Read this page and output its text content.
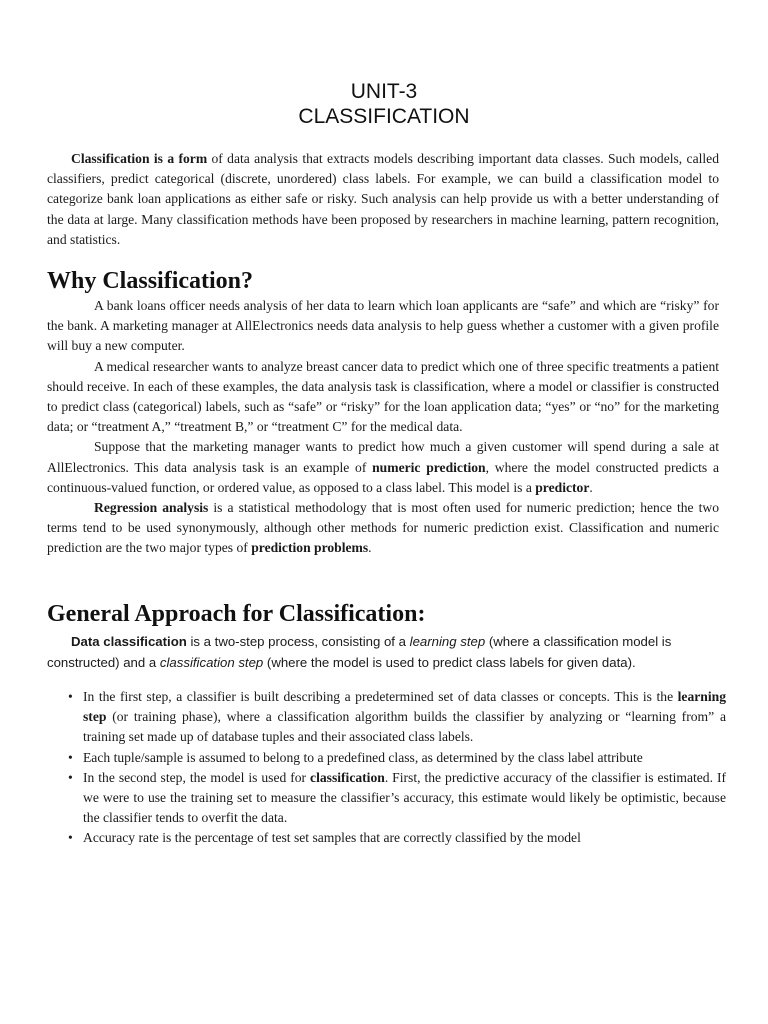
UNIT-3
CLASSIFICATION

Classification is a form of data analysis that extracts models describing important data classes. Such models, called classifiers, predict categorical (discrete, unordered) class labels. For example, we can build a classification model to categorize bank loan applications as either safe or risky. Such analysis can help provide us with a better understanding of the data at large. Many classification methods have been proposed by researchers in machine learning, pattern recognition, and statistics.

Why Classification?

A bank loans officer needs analysis of her data to learn which loan applicants are “safe” and which are “risky” for the bank. A marketing manager at AllElectronics needs data analysis to help guess whether a customer with a given profile will buy a new computer.

A medical researcher wants to analyze breast cancer data to predict which one of three specific treatments a patient should receive. In each of these examples, the data analysis task is classification, where a model or classifier is constructed to predict class (categorical) labels, such as “safe” or “risky” for the loan application data; “yes” or “no” for the marketing data; or “treatment A,” “treatment B,” or “treatment C” for the medical data.

Suppose that the marketing manager wants to predict how much a given customer will spend during a sale at AllElectronics. This data analysis task is an example of numeric prediction, where the model constructed predicts a continuous-valued function, or ordered value, as opposed to a class label. This model is a predictor.

Regression analysis is a statistical methodology that is most often used for numeric prediction; hence the two terms tend to be used synonymously, although other methods for numeric prediction exist. Classification and numeric prediction are the two major types of prediction problems.

General Approach for Classification:

Data classification is a two-step process, consisting of a learning step (where a classification model is constructed) and a classification step (where the model is used to predict class labels for given data).

• In the first step, a classifier is built describing a predetermined set of data classes or concepts. This is the learning step (or training phase), where a classification algorithm builds the classifier by analyzing or “learning from” a training set made up of database tuples and their associated class labels.
• Each tuple/sample is assumed to belong to a predefined class, as determined by the class label attribute
• In the second step, the model is used for classification. First, the predictive accuracy of the classifier is estimated. If we were to use the training set to measure the classifier’s accuracy, this estimate would likely be optimistic, because the classifier tends to overfit the data.
• Accuracy rate is the percentage of test set samples that are correctly classified by the model
